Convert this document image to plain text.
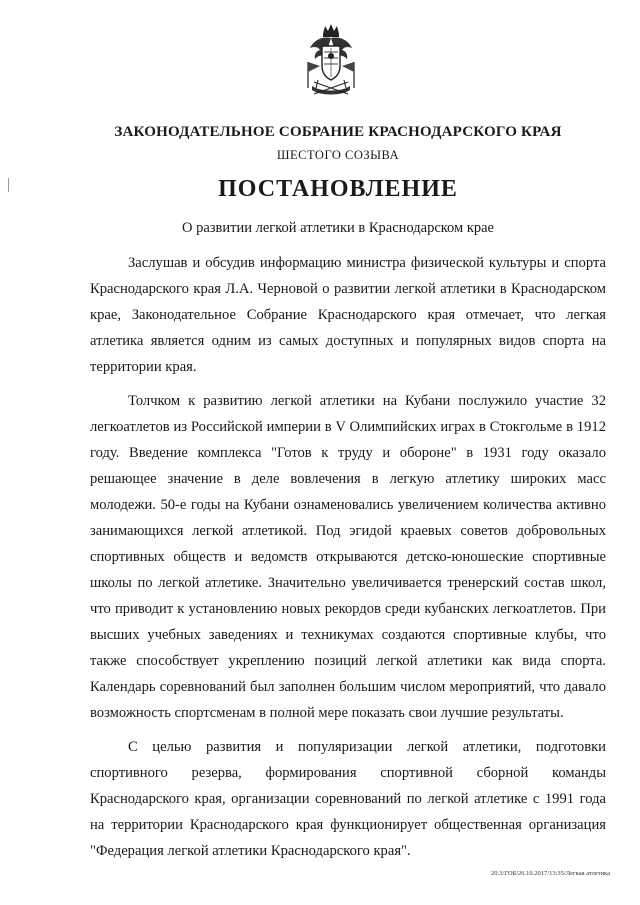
ЗАКОНОДАТЕЛЬНОЕ СОБРАНИЕ КРАСНОДАРСКОГО КРАЯ
ШЕСТОГО СОЗЫВА
ПОСТАНОВЛЕНИЕ
О развитии легкой атлетики в Краснодарском крае

Заслушав и обсудив информацию министра физической культуры и спорта Краснодарского края Л.А. Черновой о развитии легкой атлетики в Краснодарском крае, Законодательное Собрание Краснодарского края отмечает, что легкая атлетика является одним из самых доступных и популярных видов спорта на территории края.

Толчком к развитию легкой атлетики на Кубани послужило участие 32 легкоатлетов из Российской империи в V Олимпийских играх в Стокгольме в 1912 году. Введение комплекса "Готов к труду и обороне" в 1931 году оказало решающее значение в деле вовлечения в легкую атлетику широких масс молодежи. 50-е годы на Кубани ознаменовались увеличением количества активно занимающихся легкой атлетикой. Под эгидой краевых советов добровольных спортивных обществ и ведомств открываются детско-юношеские спортивные школы по легкой атлетике. Значительно увеличивается тренерский состав школ, что приводит к установлению новых рекордов среди кубанских легкоатлетов. При высших учебных заведениях и техникумах создаются спортивные клубы, что также способствует укреплению позиций легкой атлетики как вида спорта. Календарь соревнований был заполнен большим числом мероприятий, что давало возможность спортсменам в полной мере показать свои лучшие результаты.

С целью развития и популяризации легкой атлетики, подготовки спортивного резерва, формирования спортивной сборной команды Краснодарского края, организации соревнований по легкой атлетике с 1991 года на территории Краснодарского края функционирует общественная организация "Федерация легкой атлетики Краснодарского края".

20.3/ГОБ/26.10.2017/13:35/Легкая атлетика
